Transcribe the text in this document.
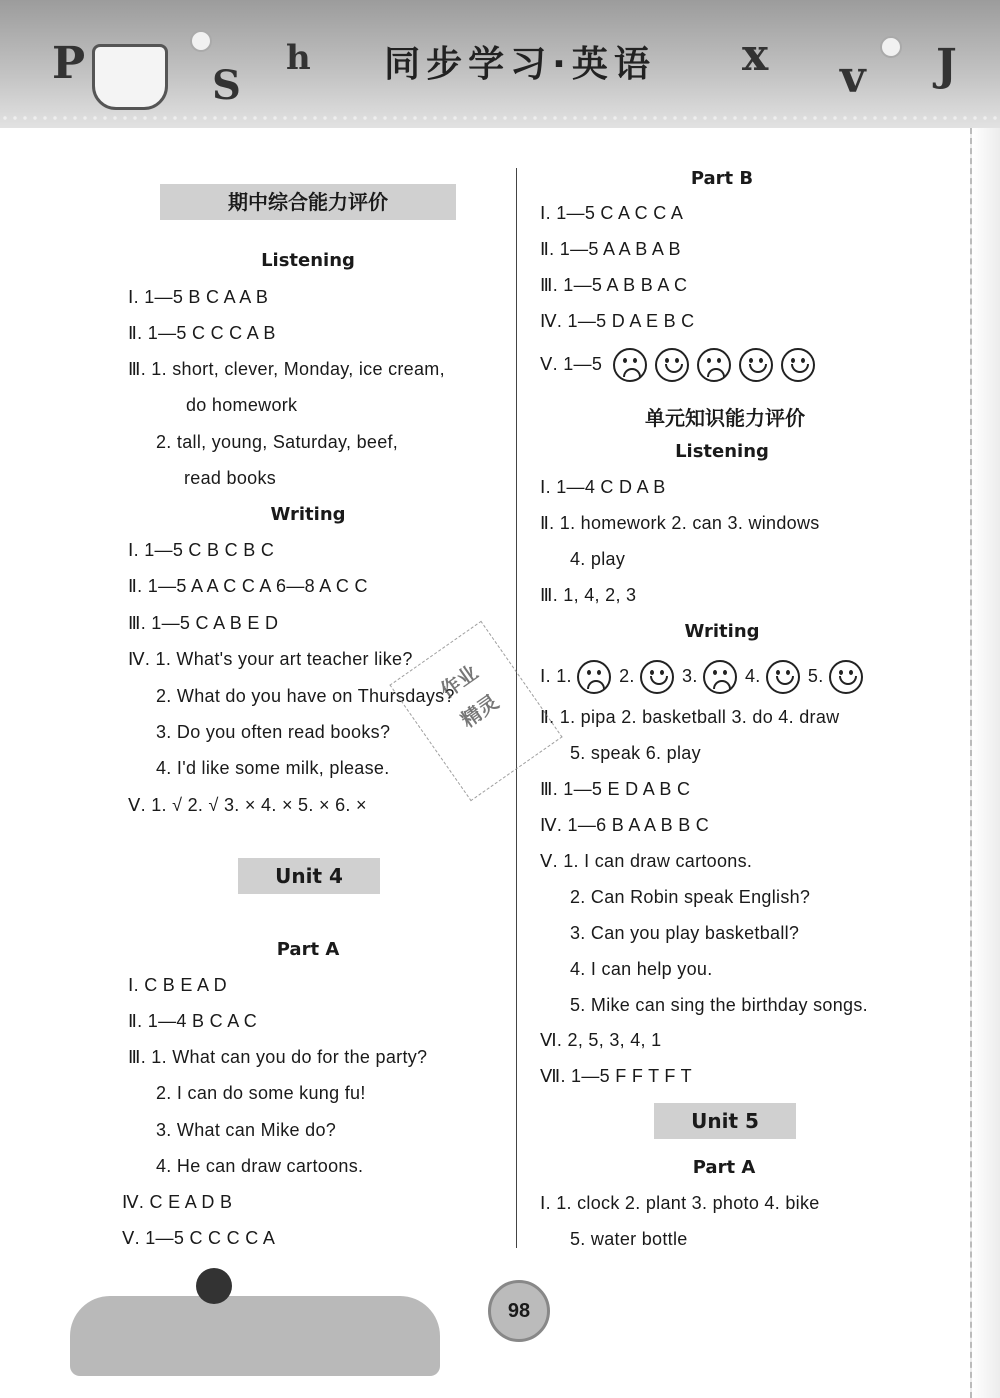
P	S
h	同步学习·英语	x v J
期中综合能力评价
Listening
Ⅰ. 1—5 B C A A B
Ⅱ. 1—5 C C C A B
Ⅲ. 1. short, clever, Monday, ice cream,
do homework
2. tall, young, Saturday, beef,
read books
Writing
Ⅰ. 1—5 C B C B C
Ⅱ. 1—5 A A C C A 6—8 A C C
Ⅲ. 1—5 C A B E D
Ⅳ. 1. What's your art teacher like?
2. What do you have on Thursdays?
3. Do you often read books?
4. I'd like some milk, please.
Ⅴ. 1. √ 2. √ 3. × 4. × 5. × 6. ×
Unit 4
Part A
Ⅰ. C B E A D
Ⅱ. 1—4 B C A C
Ⅲ. 1. What can you do for the party?
2. I can do some kung fu!
3. What can Mike do?
4. He can draw cartoons.
Ⅳ. C E A D B
Ⅴ. 1—5 C C C C A
Part B
Ⅰ. 1—5 C A C C A
Ⅱ. 1—5 A A B A B
Ⅲ. 1—5 A B B A C
Ⅳ. 1—5 D A E B C
Ⅴ. 1—5
单元知识能力评价
Listening
Ⅰ. 1—4 C D A B
Ⅱ. 1. homework 2. can 3. windows
4. play
Ⅲ. 1, 4, 2, 3
Writing
Ⅰ. 1.
2.
3.
4.
5.
Ⅱ. 1. pipa 2. basketball 3. do 4. draw
5. speak 6. play
Ⅲ. 1—5 E D A B C
Ⅳ. 1—6 B A A B B C
Ⅴ. 1. I can draw cartoons.
2. Can Robin speak English?
3. Can you play basketball?
4. I can help you.
5. Mike can sing the birthday songs.
Ⅵ. 2, 5, 3, 4, 1
Ⅶ. 1—5 F F T F T
Unit 5
Part A
Ⅰ. 1. clock 2. plant 3. photo 4. bike
5. water bottle
作业
精灵
98
